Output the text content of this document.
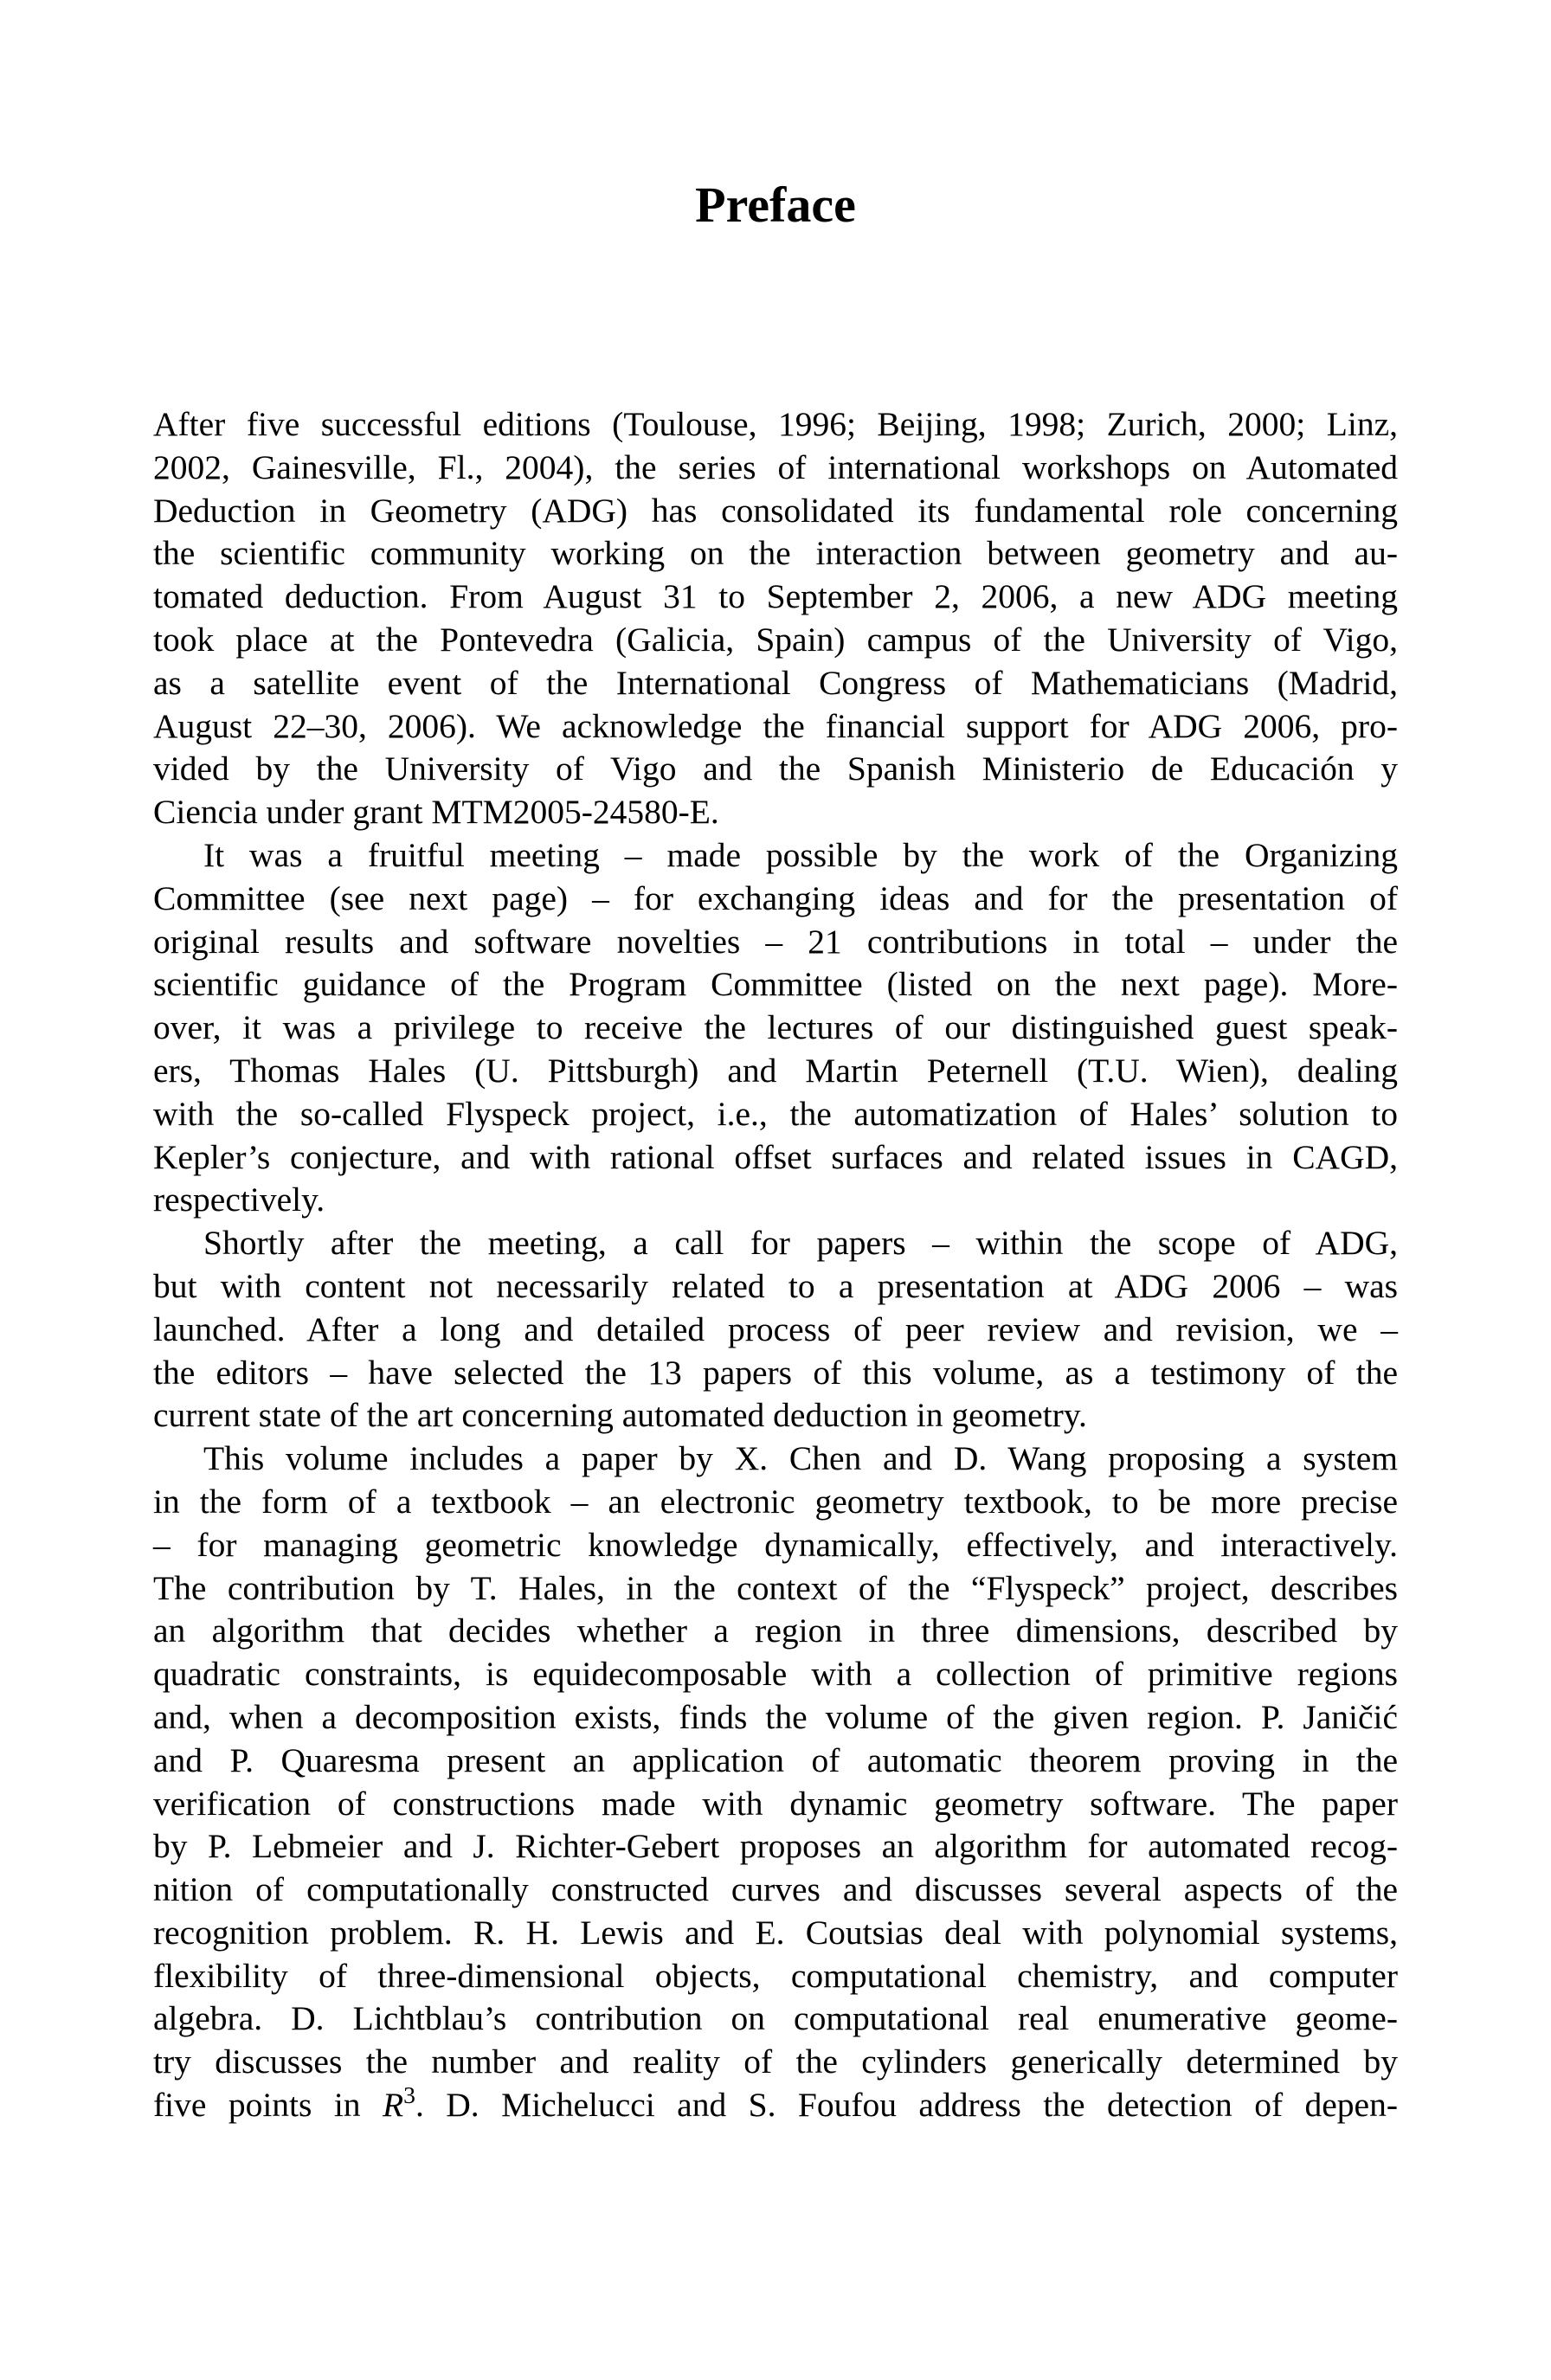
Preface
After five successful editions (Toulouse, 1996; Beijing, 1998; Zurich, 2000; Linz,
2002, Gainesville, Fl., 2004), the series of international workshops on Automated
Deduction in Geometry (ADG) has consolidated its fundamental role concerning
the scientific community working on the interaction between geometry and au-
tomated deduction. From August 31 to September 2, 2006, a new ADG meeting
took place at the Pontevedra (Galicia, Spain) campus of the University of Vigo,
as a satellite event of the International Congress of Mathematicians (Madrid,
August 22–30, 2006). We acknowledge the financial support for ADG 2006, pro-
vided by the University of Vigo and the Spanish Ministerio de Educación y
Ciencia under grant MTM2005-24580-E.
It was a fruitful meeting – made possible by the work of the Organizing
Committee (see next page) – for exchanging ideas and for the presentation of
original results and software novelties – 21 contributions in total – under the
scientific guidance of the Program Committee (listed on the next page). More-
over, it was a privilege to receive the lectures of our distinguished guest speak-
ers, Thomas Hales (U. Pittsburgh) and Martin Peternell (T.U. Wien), dealing
with the so-called Flyspeck project, i.e., the automatization of Hales’ solution to
Kepler’s conjecture, and with rational offset surfaces and related issues in CAGD,
respectively.
Shortly after the meeting, a call for papers – within the scope of ADG,
but with content not necessarily related to a presentation at ADG 2006 – was
launched. After a long and detailed process of peer review and revision, we –
the editors – have selected the 13 papers of this volume, as a testimony of the
current state of the art concerning automated deduction in geometry.
This volume includes a paper by X. Chen and D. Wang proposing a system
in the form of a textbook – an electronic geometry textbook, to be more precise
– for managing geometric knowledge dynamically, effectively, and interactively.
The contribution by T. Hales, in the context of the “Flyspeck” project, describes
an algorithm that decides whether a region in three dimensions, described by
quadratic constraints, is equidecomposable with a collection of primitive regions
and, when a decomposition exists, finds the volume of the given region. P. Janičić
and P. Quaresma present an application of automatic theorem proving in the
verification of constructions made with dynamic geometry software. The paper
by P. Lebmeier and J. Richter-Gebert proposes an algorithm for automated recog-
nition of computationally constructed curves and discusses several aspects of the
recognition problem. R. H. Lewis and E. Coutsias deal with polynomial systems,
flexibility of three-dimensional objects, computational chemistry, and computer
algebra. D. Lichtblau’s contribution on computational real enumerative geome-
try discusses the number and reality of the cylinders generically determined by
five points in $R^3$. D. Michelucci and S. Foufou address the detection of depen-
